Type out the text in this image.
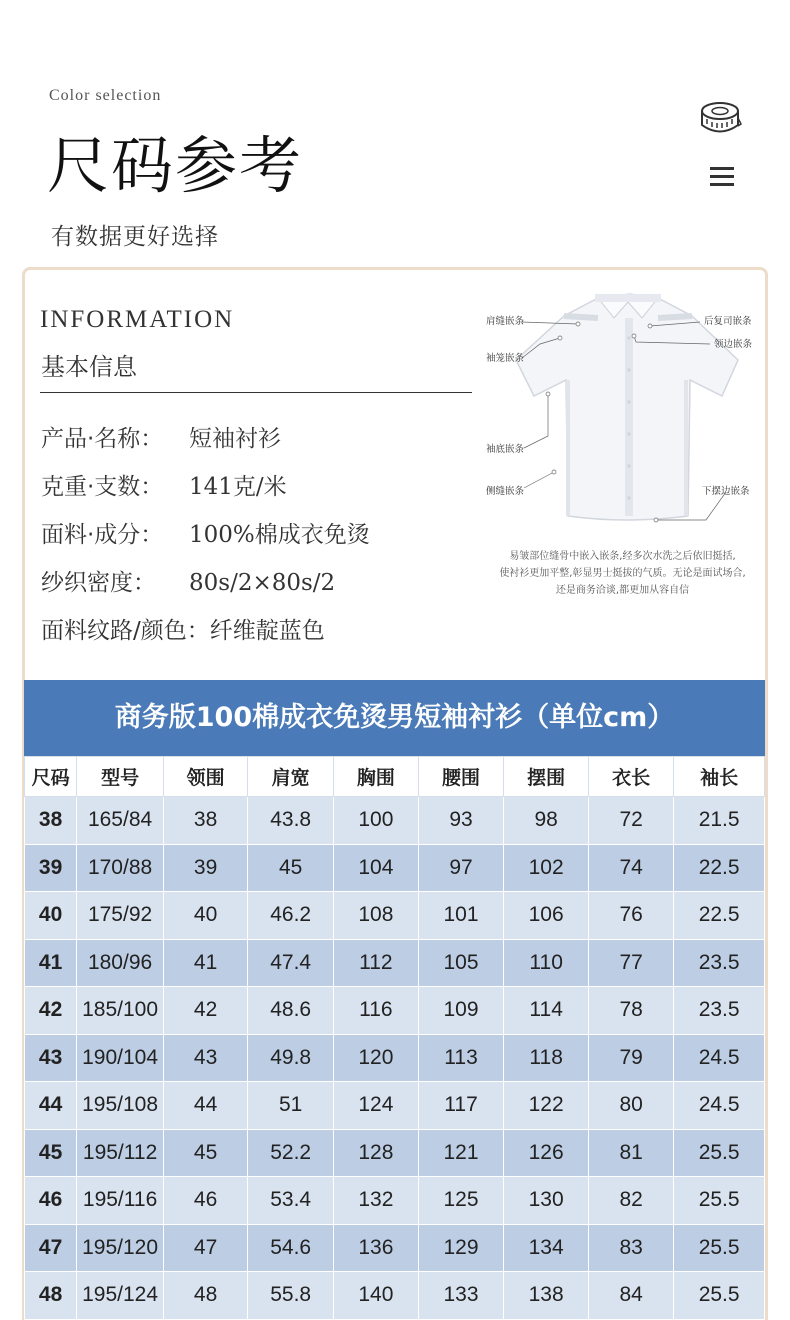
Color selection
尺码参考
有数据更好选择
INFORMATION
基本信息
产品·名称： 短袖衬衫
克重·支数： 141克/米
面料·成分： 100%棉成衣免烫
纱织密度： 80s/2×80s/2
面料纹路/颜色：纤维靛蓝色
肩缝嵌条
袖笼嵌条
袖底嵌条
侧缝嵌条
后复司嵌条
领边嵌条
下摆边嵌条
易皱部位缝骨中嵌入嵌条,经多次水洗之后依旧挺括,
使衬衫更加平整,彰显男士挺拔的气质。无论是面试场合,
还是商务洽谈,都更加从容自信
商务版100棉成衣免烫男短袖衬衫（单位cm）
尺码	型号	领围	肩宽	胸围	腰围	摆围	衣长	袖长
38	165/84	38	43.8	100	93	98	72	21.5
39	170/88	39	45	104	97	102	74	22.5
40	175/92	40	46.2	108	101	106	76	22.5
41	180/96	41	47.4	112	105	110	77	23.5
42	185/100	42	48.6	116	109	114	78	23.5
43	190/104	43	49.8	120	113	118	79	24.5
44	195/108	44	51	124	117	122	80	24.5
45	195/112	45	52.2	128	121	126	81	25.5
46	195/116	46	53.4	132	125	130	82	25.5
47	195/120	47	54.6	136	129	134	83	25.5
48	195/124	48	55.8	140	133	138	84	25.5
